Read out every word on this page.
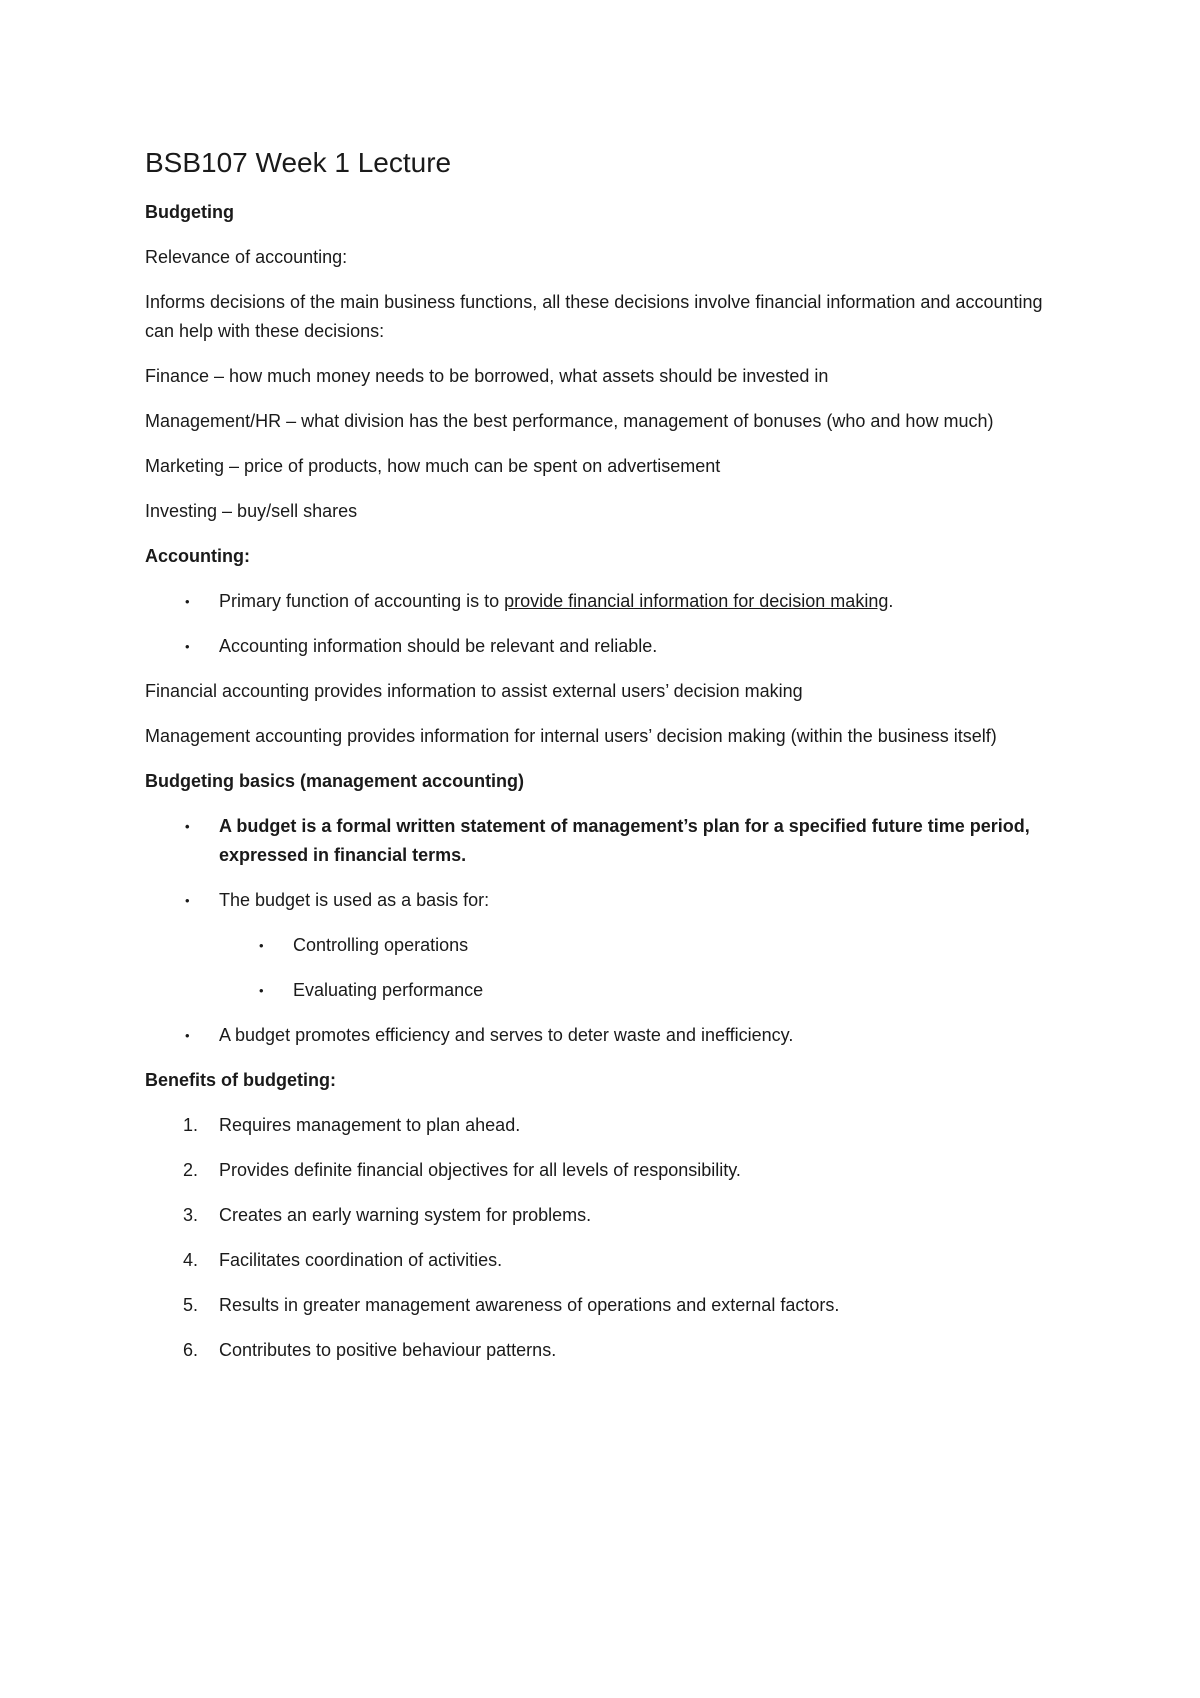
BSB107 Week 1 Lecture
Budgeting
Relevance of accounting:
Informs decisions of the main business functions, all these decisions involve financial information and accounting can help with these decisions:
Finance – how much money needs to be borrowed, what assets should be invested in
Management/HR – what division has the best performance, management of bonuses (who and how much)
Marketing – price of products, how much can be spent on advertisement
Investing – buy/sell shares
Accounting:
•	Primary function of accounting is to provide financial information for decision making.
•	Accounting information should be relevant and reliable.
Financial accounting provides information to assist external users’ decision making
Management accounting provides information for internal users’ decision making (within the business itself)
Budgeting basics (management accounting)
•	A budget is a formal written statement of management’s plan for a specified future time period, expressed in financial terms.
•	The budget is used as a basis for:
•	Controlling operations
•	Evaluating performance
•	A budget promotes efficiency and serves to deter waste and inefficiency.
Benefits of budgeting:
1.	Requires management to plan ahead.
2.	Provides definite financial objectives for all levels of responsibility.
3.	Creates an early warning system for problems.
4.	Facilitates coordination of activities.
5.	Results in greater management awareness of operations and external factors.
6.	Contributes to positive behaviour patterns.
